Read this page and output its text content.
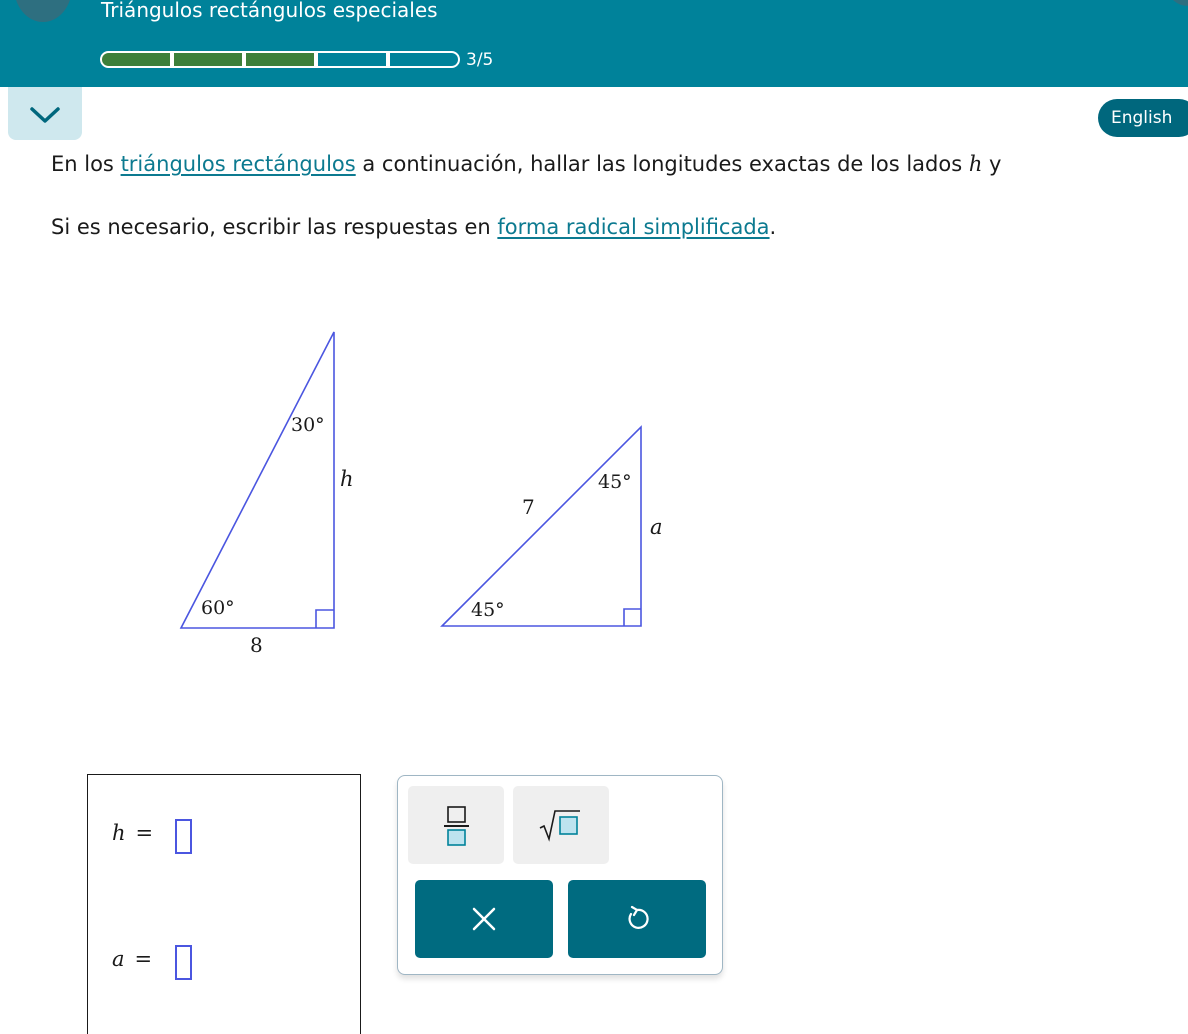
Triángulos rectángulos especiales
3/5
English
En los triángulos rectángulos a continuación, hallar las longitudes exactas de los lados h y
Si es necesario, escribir las respuestas en forma radical simplificada.
30°
h
60°
8
45°
7
a
45°
h =
a =
